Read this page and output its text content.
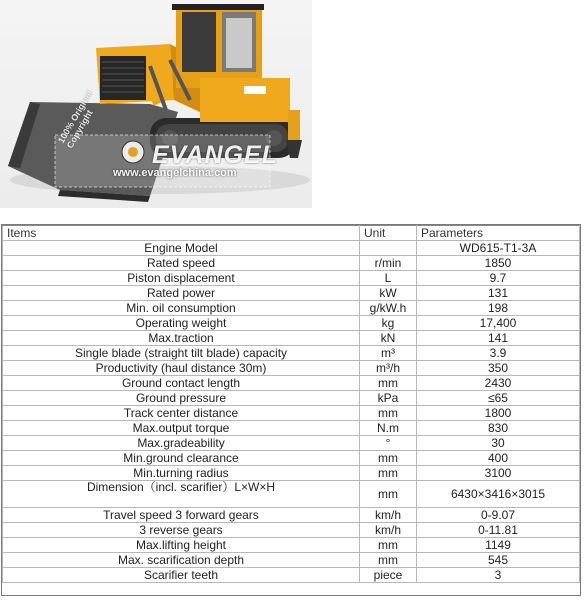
100% Original Copyright
EVANGEL
www.evangelchina.com
Items	Unit	Parameters
Engine Model		WD615-T1-3A
Rated speed	r/min	1850
Piston displacement	L	9.7
Rated power	kW	131
Min. oil consumption	g/kW.h	198
Operating weight	kg	17,400
Max.traction	kN	141
Single blade (straight tilt blade) capacity	m³	3.9
Productivity (haul distance 30m)	m³/h	350
Ground contact length	mm	2430
Ground pressure	kPa	≤65
Track center distance	mm	1800
Max.output torque	N.m	830
Max.gradeability	°	30
Min.ground clearance	mm	400
Min.turning radius	mm	3100
Dimension（incl. scarifier）L×W×H	mm	6430×3416×3015
Travel speed 3 forward gears	km/h	0-9.07
3 reverse gears	km/h	0-11.81
Max.lifting height	mm	1149
Max. scarification depth	mm	545
Scarifier teeth	piece	3
